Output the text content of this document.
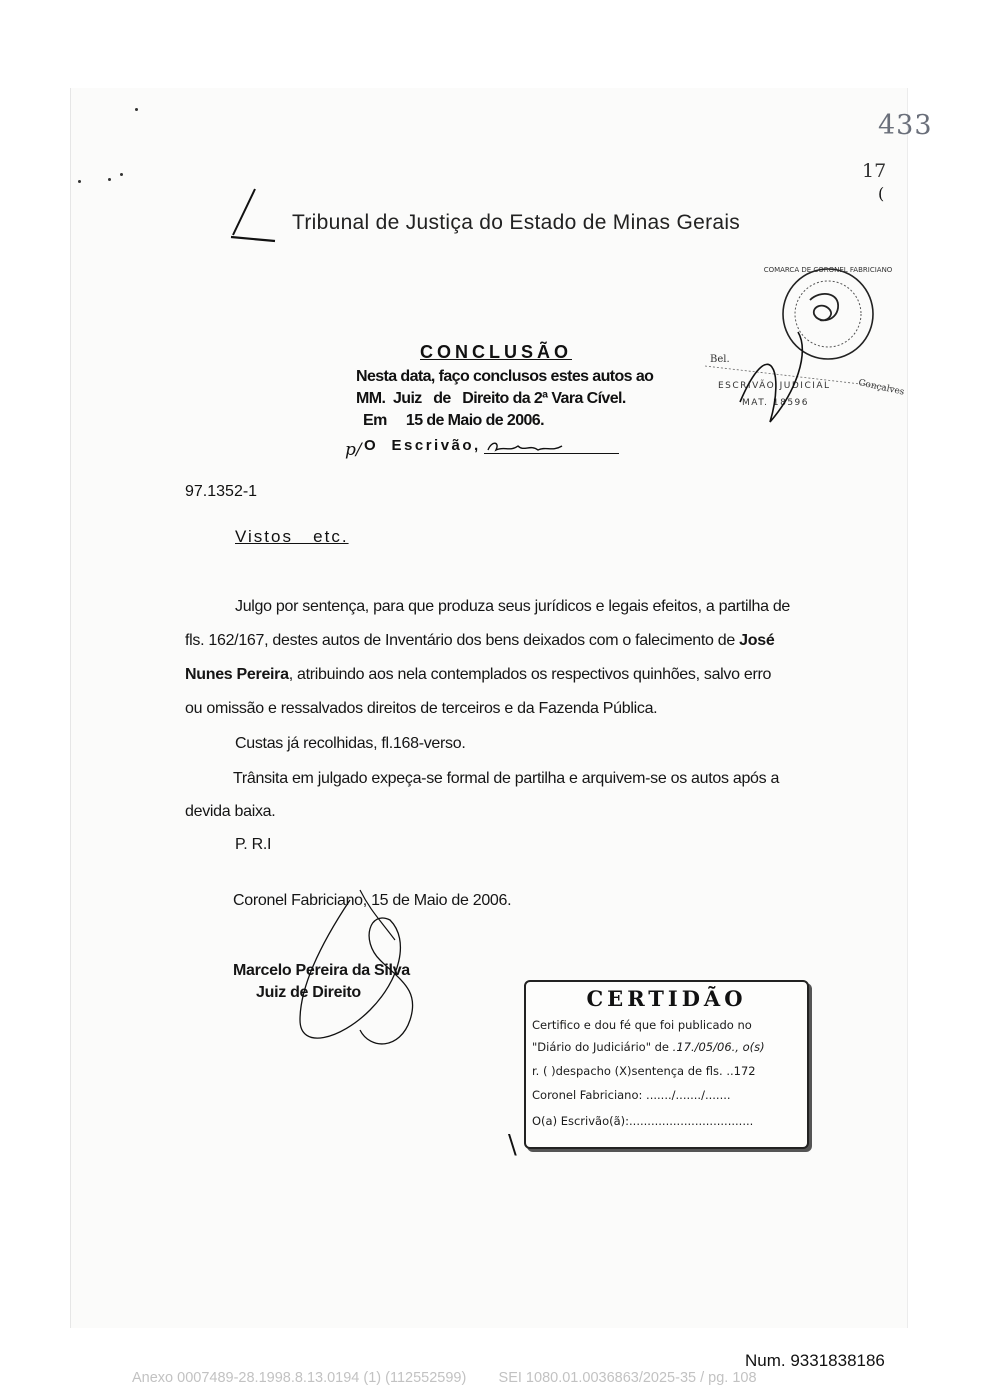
433
17
(
Tribunal de Justiça do Estado de Minas Gerais
COMARCA DE CORONEL FABRICIANO
Bel.
ESCRIVÃO JUDICIAL
MAT. 18596
Gonçalves
CONCLUSÃO
Nesta data, faço conclusos estes autos ao
MM.  Juiz   de   Direito da 2ª Vara Cível.
Em     15 de Maio de 2006.
p/ O  Escrivão,
97.1352-1
Vistos   etc.
Julgo por sentença, para que produza seus jurídicos e legais efeitos, a partilha de
fls. 162/167, destes autos de Inventário dos bens deixados com o falecimento de José
Nunes Pereira, atribuindo aos nela contemplados os respectivos quinhões, salvo erro
ou omissão e ressalvados direitos de terceiros e da Fazenda Pública.
Custas já recolhidas, fl.168-verso.
Trânsita em julgado expeça-se formal de partilha e arquivem-se os autos após a
devida baixa.
P. R.I
Coronel Fabriciano, 15 de Maio de 2006.
Marcelo Pereira da Silva
Juiz de Direito	CERTIDÃO
Certifico e dou fé que foi publicado no
"Diário do Judiciário" de .17./05/06., o(s)
r. ( )despacho (X)sentença de fls. ..172
Coronel Fabriciano: ......./......./.......
O(a) Escrivão(ã):..................................
\
Num. 9331838186
Anexo 0007489-28.1998.8.13.0194 (1) (112552599)        SEI 1080.01.0036863/2025-35 / pg. 108
